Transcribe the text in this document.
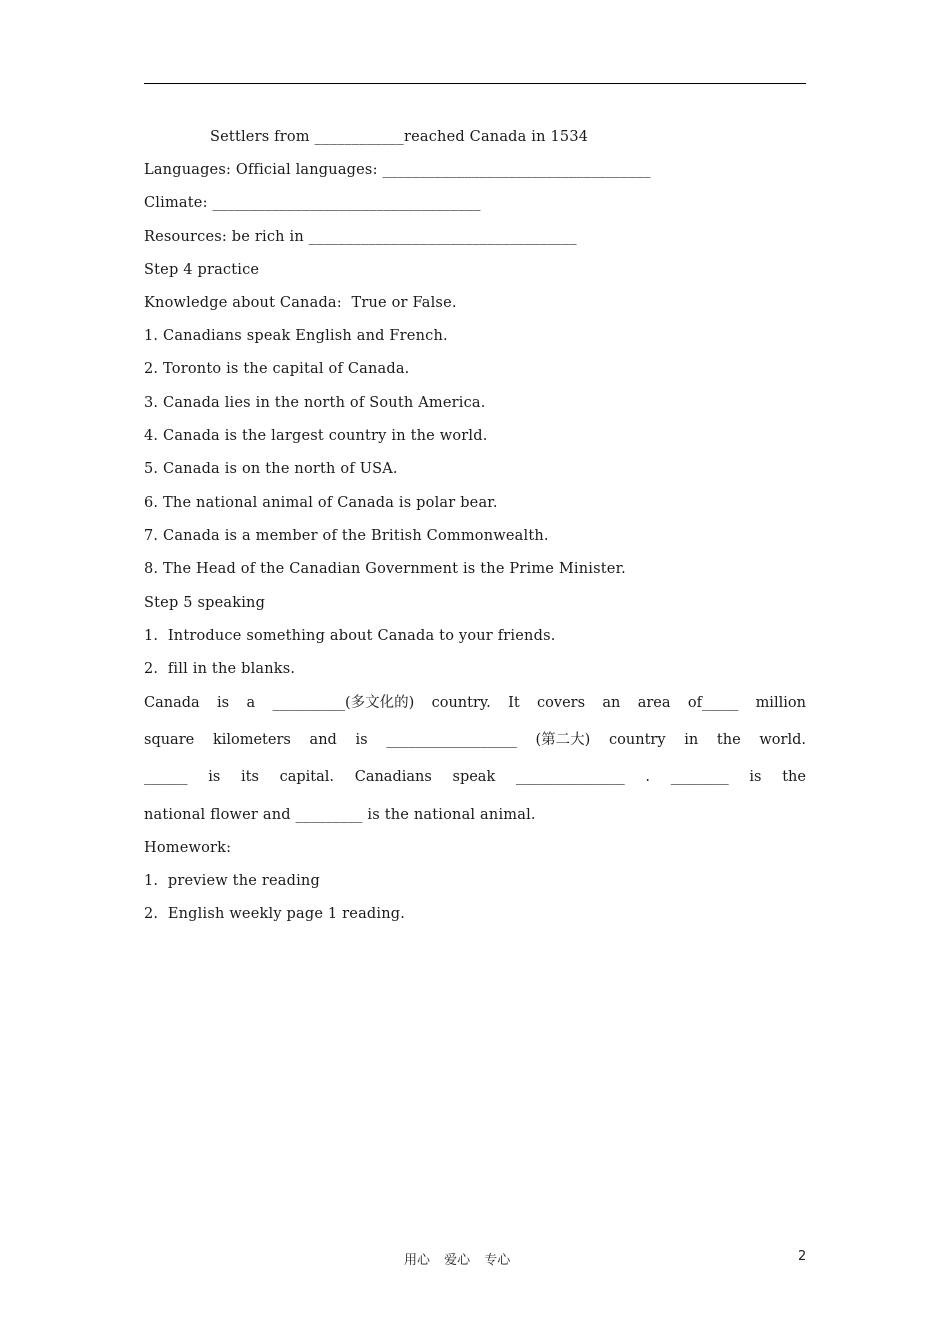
Settlers from ____________reached Canada in 1534
Languages: Official languages: ____________________________________
Climate: ____________________________________
Resources: be rich in ____________________________________
Step 4 practice
Knowledge about Canada:  True or False.
1. Canadians speak English and French.
2. Toronto is the capital of Canada.
3. Canada lies in the north of South America.
4. Canada is the largest country in the world.
5. Canada is on the north of USA.
6. The national animal of Canada is polar bear.
7. Canada is a member of the British Commonwealth.
8. The Head of the Canadian Government is the Prime Minister.
Step 5 speaking
1.  Introduce something about Canada to your friends.
2.  fill in the blanks.
Canada is a __________(多文化的) country. It covers an area of_____ million
square kilometers and is __________________ (第二大) country in the world.
______ is its capital. Canadians speak _______________ . ________ is the
national flower and _________ is the national animal.
Homework:
1.  preview the reading
2.  English weekly page 1 reading.
用心 爱心 专心	2
